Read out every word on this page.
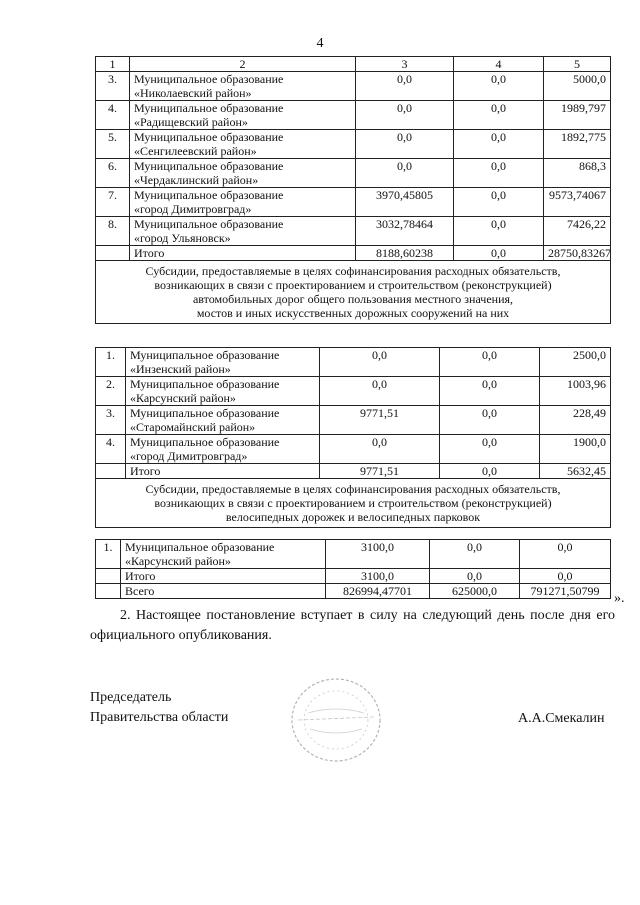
4
1	2	3	4	5
3.	Муниципальное образование
«Николаевский район»	0,0	0,0	5000,0
4.	Муниципальное образование
«Радищевский район»	0,0	0,0	1989,797
5.	Муниципальное образование
«Сенгилеевский район»	0,0	0,0	1892,775
6.	Муниципальное образование
«Чердаклинский район»	0,0	0,0	868,3
7.	Муниципальное образование
«город Димитровград»	3970,45805	0,0	9573,74067
8.	Муниципальное образование
«город Ульяновск»	3032,78464	0,0	7426,22
	Итого	8188,60238	0,0	28750,83267

Субсидии, предоставляемые в целях софинансирования расходных обязательств,
возникающих в связи с проектированием и строительством (реконструкцией)
автомобильных дорог общего пользования местного значения,
мостов и иных искусственных дорожных сооружений на них				
1.	Муниципальное образование
«Инзенский район»	0,0	0,0	2500,0
2.	Муниципальное образование
«Карсунский район»	0,0	0,0	1003,96
3.	Муниципальное образование
«Старомайнский район»	9771,51	0,0	228,49
4.	Муниципальное образование
«город Димитровград»	0,0	0,0	1900,0
	Итого	9771,51	0,0	5632,45

Субсидии, предоставляемые в целях софинансирования расходных обязательств,
возникающих в связи с проектированием и строительством (реконструкцией)
велосипедных дорожек и велосипедных парковок				
1.	Муниципальное образование
«Карсунский район»	3100,0	0,0	0,0
	Итого	3100,0	0,0	0,0
	Всего	826994,47701	625000,0	791271,50799 ».
2. Настоящее постановление вступает в силу на следующий день после дня его официального опубликования.
Председатель
Правительства области	А.А.Смекалин
